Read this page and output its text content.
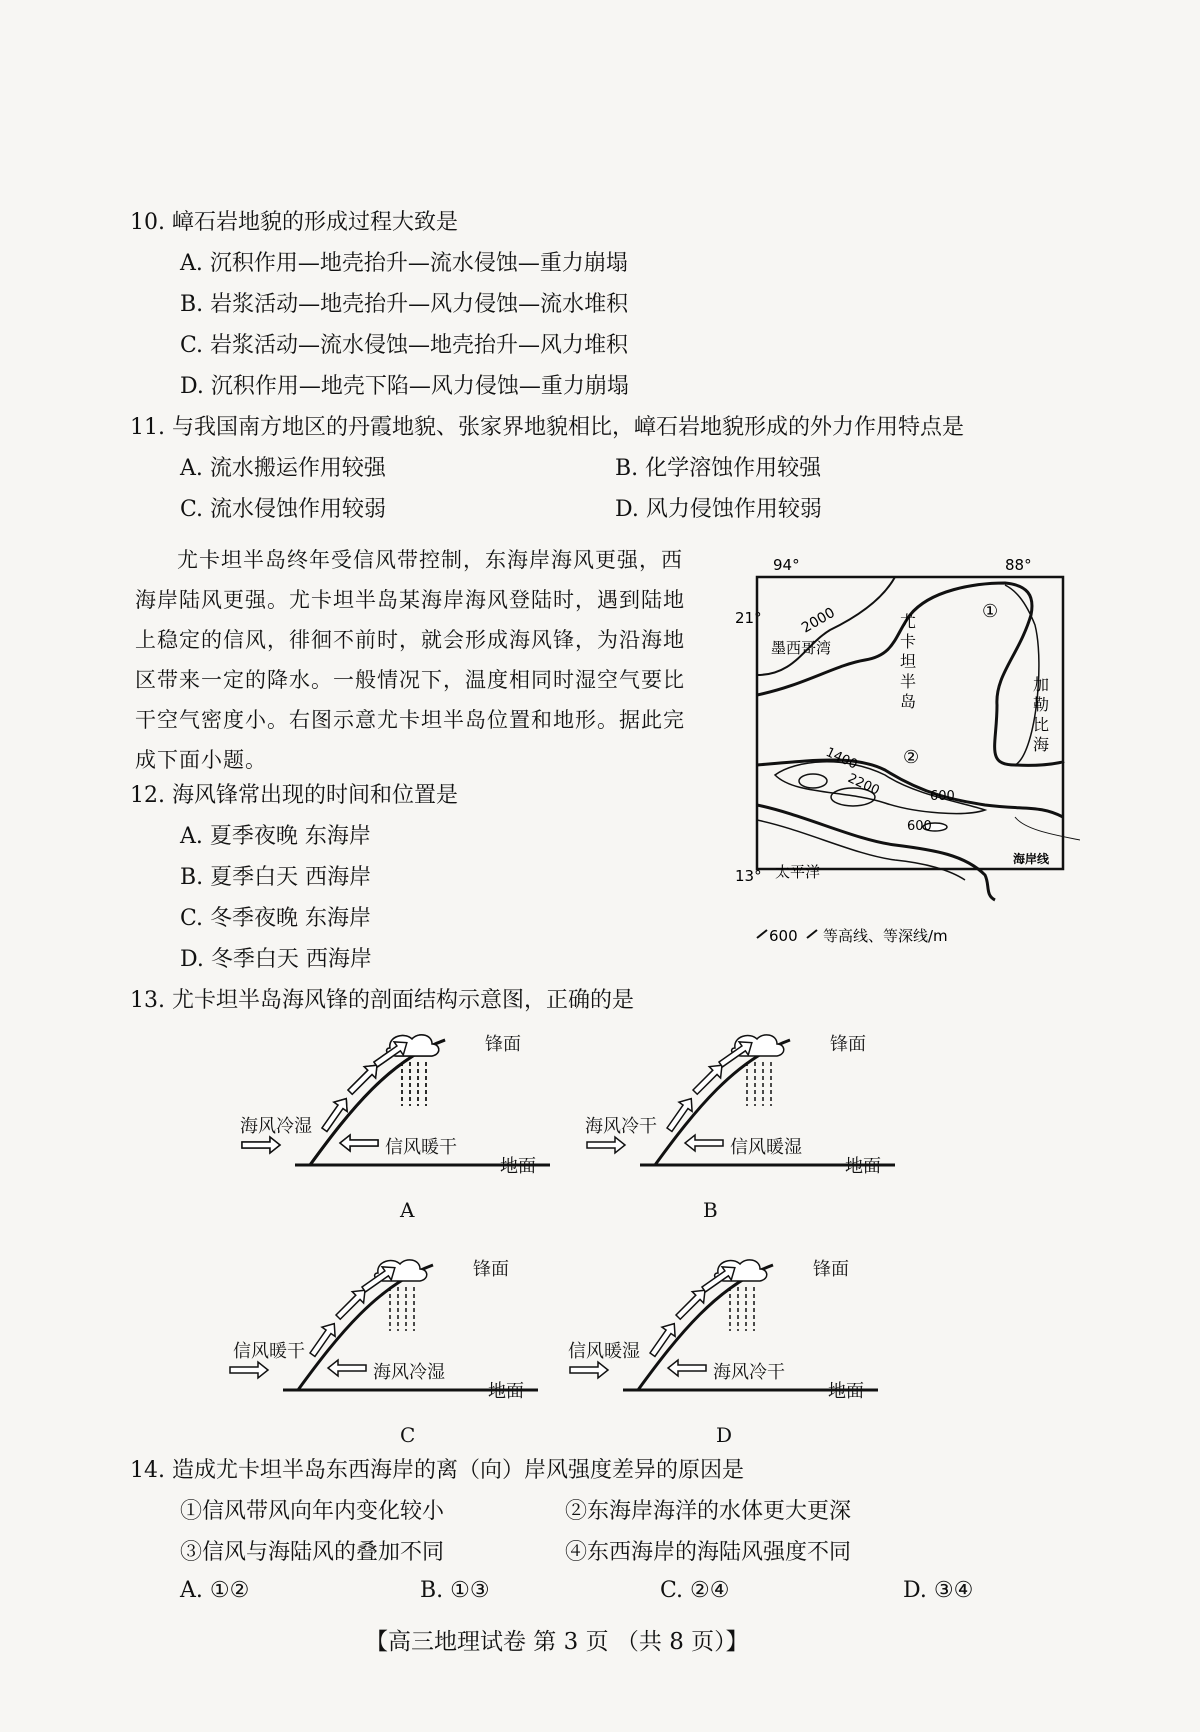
10. 嶂石岩地貌的形成过程大致是
A. 沉积作用—地壳抬升—流水侵蚀—重力崩塌
B. 岩浆活动—地壳抬升—风力侵蚀—流水堆积
C. 岩浆活动—流水侵蚀—地壳抬升—风力堆积
D. 沉积作用—地壳下陷—风力侵蚀—重力崩塌
11. 与我国南方地区的丹霞地貌、张家界地貌相比，嶂石岩地貌形成的外力作用特点是
A. 流水搬运作用较强	B. 化学溶蚀作用较强
C. 流水侵蚀作用较弱	D. 风力侵蚀作用较弱

尤卡坦半岛终年受信风带控制，东海岸海风更强，西海岸陆风更强。尤卡坦半岛某海岸海风登陆时，遇到陆地上稳定的信风，徘徊不前时，就会形成海风锋，为沿海地区带来一定的降水。一般情况下，温度相同时湿空气要比干空气密度小。右图示意尤卡坦半岛位置和地形。据此完成下面小题。

94°	88°
21°
13°
2000
墨西哥湾
尤
卡
坦
半
岛
①
加
勒
比
海
1400 ②
2200	600
600
太平洋
海岸线
600 等高线、等深线/m
12. 海风锋常出现的时间和位置是
A. 夏季夜晚 东海岸
B. 夏季白天 西海岸
C. 冬季夜晚 东海岸
D. 冬季白天 西海岸
13. 尤卡坦半岛海风锋的剖面结构示意图，正确的是
海风冷湿
信风暖干
锋面
地面
A
海风冷干
信风暖湿
锋面
地面
B
信风暖干
海风冷湿
锋面
地面
C
信风暖湿
海风冷干
锋面
地面
D
14. 造成尤卡坦半岛东西海岸的离（向）岸风强度差异的原因是
①信风带风向年内变化较小	②东海岸海洋的水体更大更深
③信风与海陆风的叠加不同	④东西海岸的海陆风强度不同
A. ①②	B. ①③	C. ②④	D. ③④
【高三地理试卷 第 3 页 （共 8 页）】
